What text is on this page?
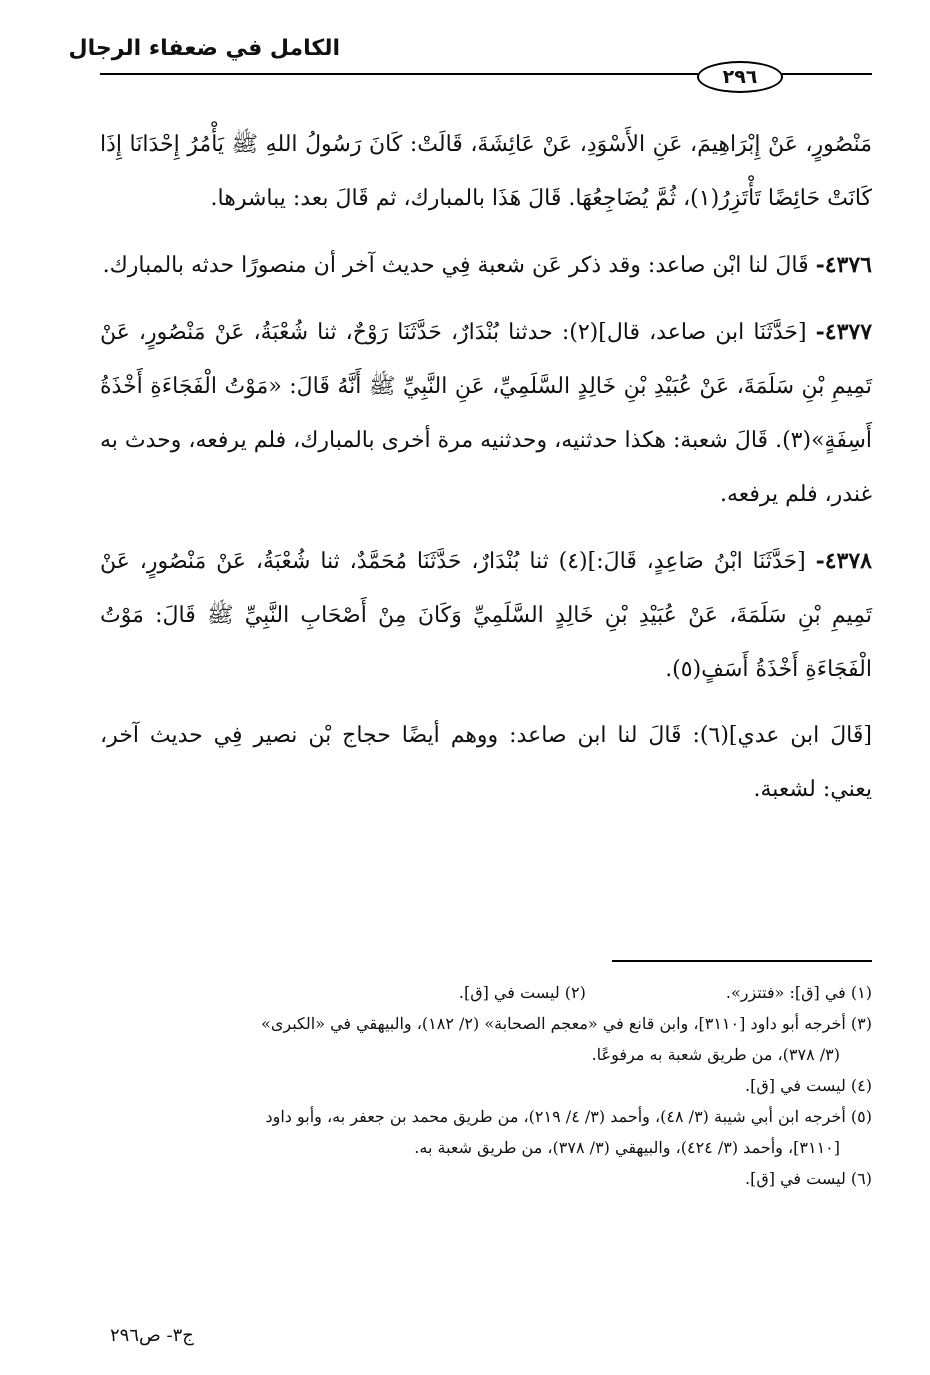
الكامل في ضعفاء الرجال
٢٩٦

مَنْصُورٍ، عَنْ إِبْرَاهِيمَ، عَنِ الأَسْوَدِ، عَنْ عَائِشَةَ، قَالَتْ: كَانَ رَسُولُ اللهِ ﷺ يَأْمُرُ إِحْدَانَا إِذَا كَانَتْ حَائِضًا تَأْتَزِرُ(١)، ثُمَّ يُضَاجِعُهَا. قَالَ هَذَا بالمبارك، ثم قَالَ بعد: يباشرها.

٤٣٧٦- قَالَ لنا ابْن صاعد: وقد ذكر عَن شعبة فِي حديث آخر أن منصورًا حدثه بالمبارك.

٤٣٧٧- [حَدَّثَنَا ابن صاعد، قال](٢): حدثنا بُنْدَارٌ، حَدَّثَنَا رَوْحٌ، ثنا شُعْبَةُ، عَنْ مَنْصُورٍ، عَنْ تَمِيمِ بْنِ سَلَمَةَ، عَنْ عُبَيْدِ بْنِ خَالِدٍ السَّلَمِيِّ، عَنِ النَّبِيِّ ﷺ أَنَّهُ قَالَ: «مَوْتُ الْفَجَاءَةِ أَخْذَةُ أَسِفَةٍ»(٣). قَالَ شعبة: هكذا حدثنيه، وحدثنيه مرة أخرى بالمبارك، فلم يرفعه، وحدث به غندر، فلم يرفعه.

٤٣٧٨- [حَدَّثَنَا ابْنُ صَاعِدٍ، قَالَ:](٤) ثنا بُنْدَارٌ، حَدَّثَنَا مُحَمَّدٌ، ثنا شُعْبَةُ، عَنْ مَنْصُورٍ، عَنْ تَمِيمِ بْنِ سَلَمَةَ، عَنْ عُبَيْدِ بْنِ خَالِدٍ السَّلَمِيِّ وَكَانَ مِنْ أَصْحَابِ النَّبِيِّ ﷺ قَالَ: مَوْتُ الْفَجَاءَةِ أَخْذَةُ أَسَفٍ(٥).

[قَالَ ابن عدي](٦): قَالَ لنا ابن صاعد: ووهم أيضًا حجاج بْن نصير فِي حديث آخر، يعني: لشعبة.

(١) في [ق]: «فتتزر».

(٢) ليست في [ق].

(٣) أخرجه أبو داود [٣١١٠]، وابن قانع في «معجم الصحابة» (٢/ ١٨٢)، والبيهقي في «الكبرى»

(٣/ ٣٧٨)، من طريق شعبة به مرفوعًا.

(٤) ليست في [ق].

(٥) أخرجه ابن أبي شيبة (٣/ ٤٨)، وأحمد (٣/ ٤/ ٢١٩)، من طريق محمد بن جعفر به، وأبو داود

[٣١١٠]، وأحمد (٣/ ٤٢٤)، والبيهقي (٣/ ٣٧٨)، من طريق شعبة به.

(٦) ليست في [ق].

ج٣- ص٢٩٦
